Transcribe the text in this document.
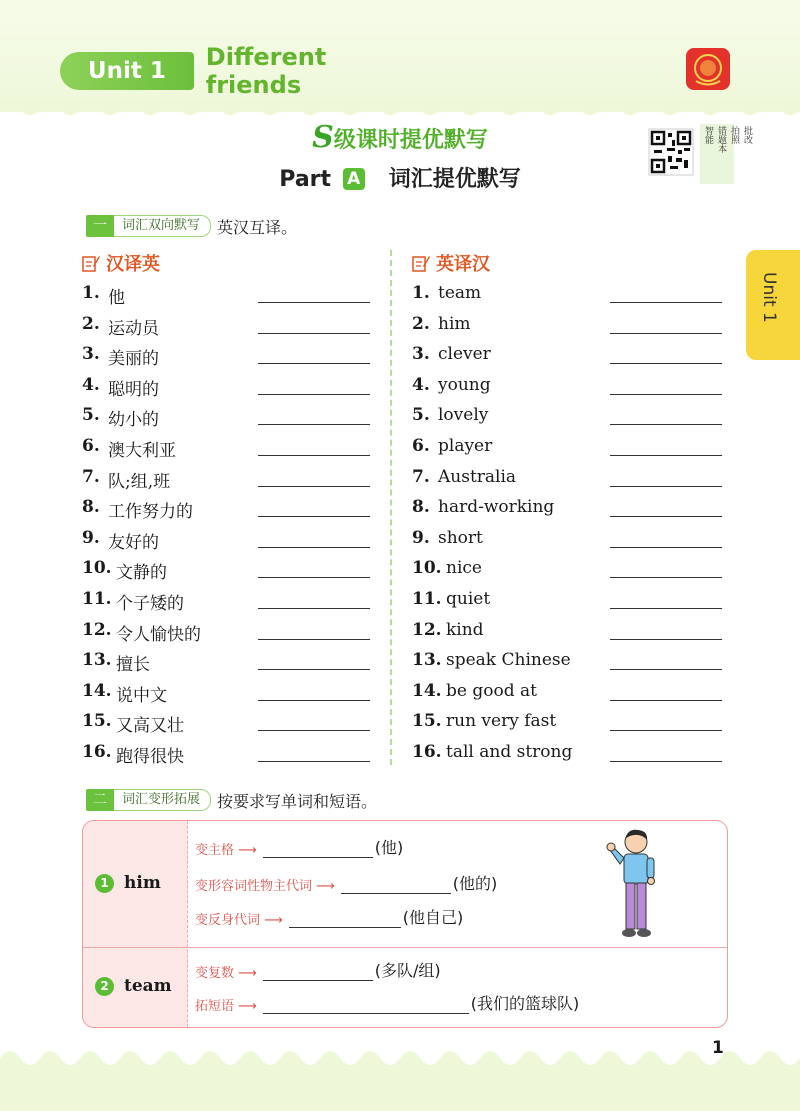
Unit 1	Different friends
S级课时提优默写
Part A 词汇提优默写
智能 错题本 拍照 批改
Unit 1
一	词汇双向默写	英汉互译。
汉译英	英译汉
1. 他
2. 运动员
3. 美丽的
4. 聪明的
5. 幼小的
6. 澳大利亚
7. 队;组,班
8. 工作努力的
9. 友好的
10. 文静的
11. 个子矮的
12. 令人愉快的
13. 擅长
14. 说中文
15. 又高又壮
16. 跑得很快
1. team
2. him
3. clever
4. young
5. lovely
6. player
7. Australia
8. hard-working
9. short
10. nice
11. quiet
12. kind
13. speak Chinese
14. be good at
15. run very fast
16. tall and strong
二	词汇变形拓展	按要求写单词和短语。
1 him
变主格 ⟶	(他)
变形容词性物主代词 ⟶	(他的)
变反身代词 ⟶	(他自己)
2 team
变复数 ⟶	(多队/组)
拓短语 ⟶	(我们的篮球队)
1
